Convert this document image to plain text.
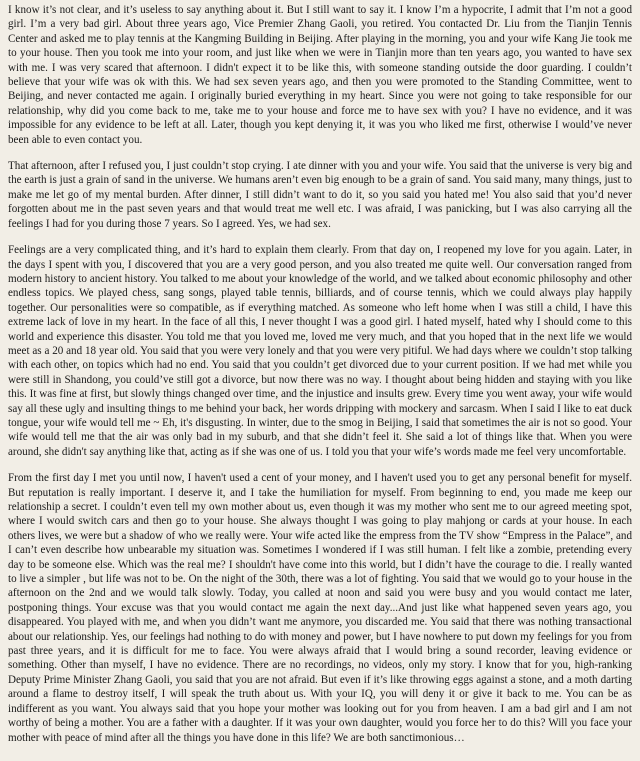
I know it’s not clear, and it’s useless to say anything about it. But I still want to say it. I know I’m a hypocrite, I admit that I’m not a good girl. I’m a very bad girl. About three years ago, Vice Premier Zhang Gaoli, you retired. You contacted Dr. Liu from the Tianjin Tennis Center and asked me to play tennis at the Kangming Building in Beijing. After playing in the morning, you and your wife Kang Jie took me to your house. Then you took me into your room, and just like when we were in Tianjin more than ten years ago, you wanted to have sex with me. I was very scared that afternoon. I didn't expect it to be like this, with someone standing outside the door guarding. I couldn’t believe that your wife was ok with this. We had sex seven years ago, and then you were promoted to the Standing Committee, went to Beijing, and never contacted me again. I originally buried everything in my heart. Since you were not going to take responsible for our relationship, why did you come back to me, take me to your house and force me to have sex with you? I have no evidence, and it was impossible for any evidence to be left at all. Later, though you kept denying it, it was you who liked me first, otherwise I would’ve never been able to even contact you.

That afternoon, after I refused you, I just couldn’t stop crying. I ate dinner with you and your wife. You said that the universe is very big and the earth is just a grain of sand in the universe. We humans aren’t even big enough to be a grain of sand. You said many, many things, just to make me let go of my mental burden. After dinner, I still didn’t want to do it, so you said you hated me! You also said that you’d never forgotten about me in the past seven years and that would treat me well etc. I was afraid, I was panicking, but I was also carrying all the feelings I had for you during those 7 years. So I agreed. Yes, we had sex.

Feelings are a very complicated thing, and it’s hard to explain them clearly. From that day on, I reopened my love for you again. Later, in the days I spent with you, I discovered that you are a very good person, and you also treated me quite well. Our conversation ranged from modern history to ancient history. You talked to me about your knowledge of the world, and we talked about economic philosophy and other endless topics. We played chess, sang songs, played table tennis, billiards, and of course tennis, which we could always play happily together. Our personalities were so compatible, as if everything matched. As someone who left home when I was still a child, I have this extreme lack of love in my heart. In the face of all this, I never thought I was a good girl. I hated myself, hated why I should come to this world and experience this disaster. You told me that you loved me, loved me very much, and that you hoped that in the next life we would meet as a 20 and 18 year old. You said that you were very lonely and that you were very pitiful. We had days where we couldn’t stop talking with each other, on topics which had no end. You said that you couldn’t get divorced due to your current position. If we had met while you were still in Shandong, you could’ve still got a divorce, but now there was no way. I thought about being hidden and staying with you like this. It was fine at first, but slowly things changed over time, and the injustice and insults grew. Every time you went away, your wife would say all these ugly and insulting things to me behind your back, her words dripping with mockery and sarcasm. When I said I like to eat duck tongue, your wife would tell me ~ Eh, it's disgusting. In winter, due to the smog in Beijing, I said that sometimes the air is not so good. Your wife would tell me that the air was only bad in my suburb, and that she didn’t feel it. She said a lot of things like that. When you were around, she didn't say anything like that, acting as if she was one of us. I told you that your wife’s words made me feel very uncomfortable.

From the first day I met you until now, I haven't used a cent of your money, and I haven't used you to get any personal benefit for myself. But reputation is really important. I deserve it, and I take the humiliation for myself. From beginning to end, you made me keep our relationship a secret. I couldn’t even tell my own mother about us, even though it was my mother who sent me to our agreed meeting spot, where I would switch cars and then go to your house. She always thought I was going to play mahjong or cards at your house. In each others lives, we were but a shadow of who we really were. Your wife acted like the empress from the TV show “Empress in the Palace”, and I can’t even describe how unbearable my situation was. Sometimes I wondered if I was still human. I felt like a zombie, pretending every day to be someone else. Which was the real me? I shouldn't have come into this world, but I didn’t have the courage to die. I really wanted to live a simpler , but life was not to be. On the night of the 30th, there was a lot of fighting. You said that we would go to your house in the afternoon on the 2nd and we would talk slowly. Today, you called at noon and said you were busy and you would contact me later, postponing things. Your excuse was that you would contact me again the next day...And just like what happened seven years ago, you disappeared. You played with me, and when you didn’t want me anymore, you discarded me. You said that there was nothing transactional about our relationship. Yes, our feelings had nothing to do with money and power, but I have nowhere to put down my feelings for you from past three years, and it is difficult for me to face. You were always afraid that I would bring a sound recorder, leaving evidence or something. Other than myself, I have no evidence. There are no recordings, no videos, only my story. I know that for you, high-ranking Deputy Prime Minister Zhang Gaoli, you said that you are not afraid. But even if it’s like throwing eggs against a stone, and a moth darting around a flame to destroy itself, I will speak the truth about us. With your IQ, you will deny it or give it back to me. You can be as indifferent as you want. You always said that you hope your mother was looking out for you from heaven. I am a bad girl and I am not worthy of being a mother. You are a father with a daughter. If it was your own daughter, would you force her to do this? Will you face your mother with peace of mind after all the things you have done in this life? We are both sanctimonious…
